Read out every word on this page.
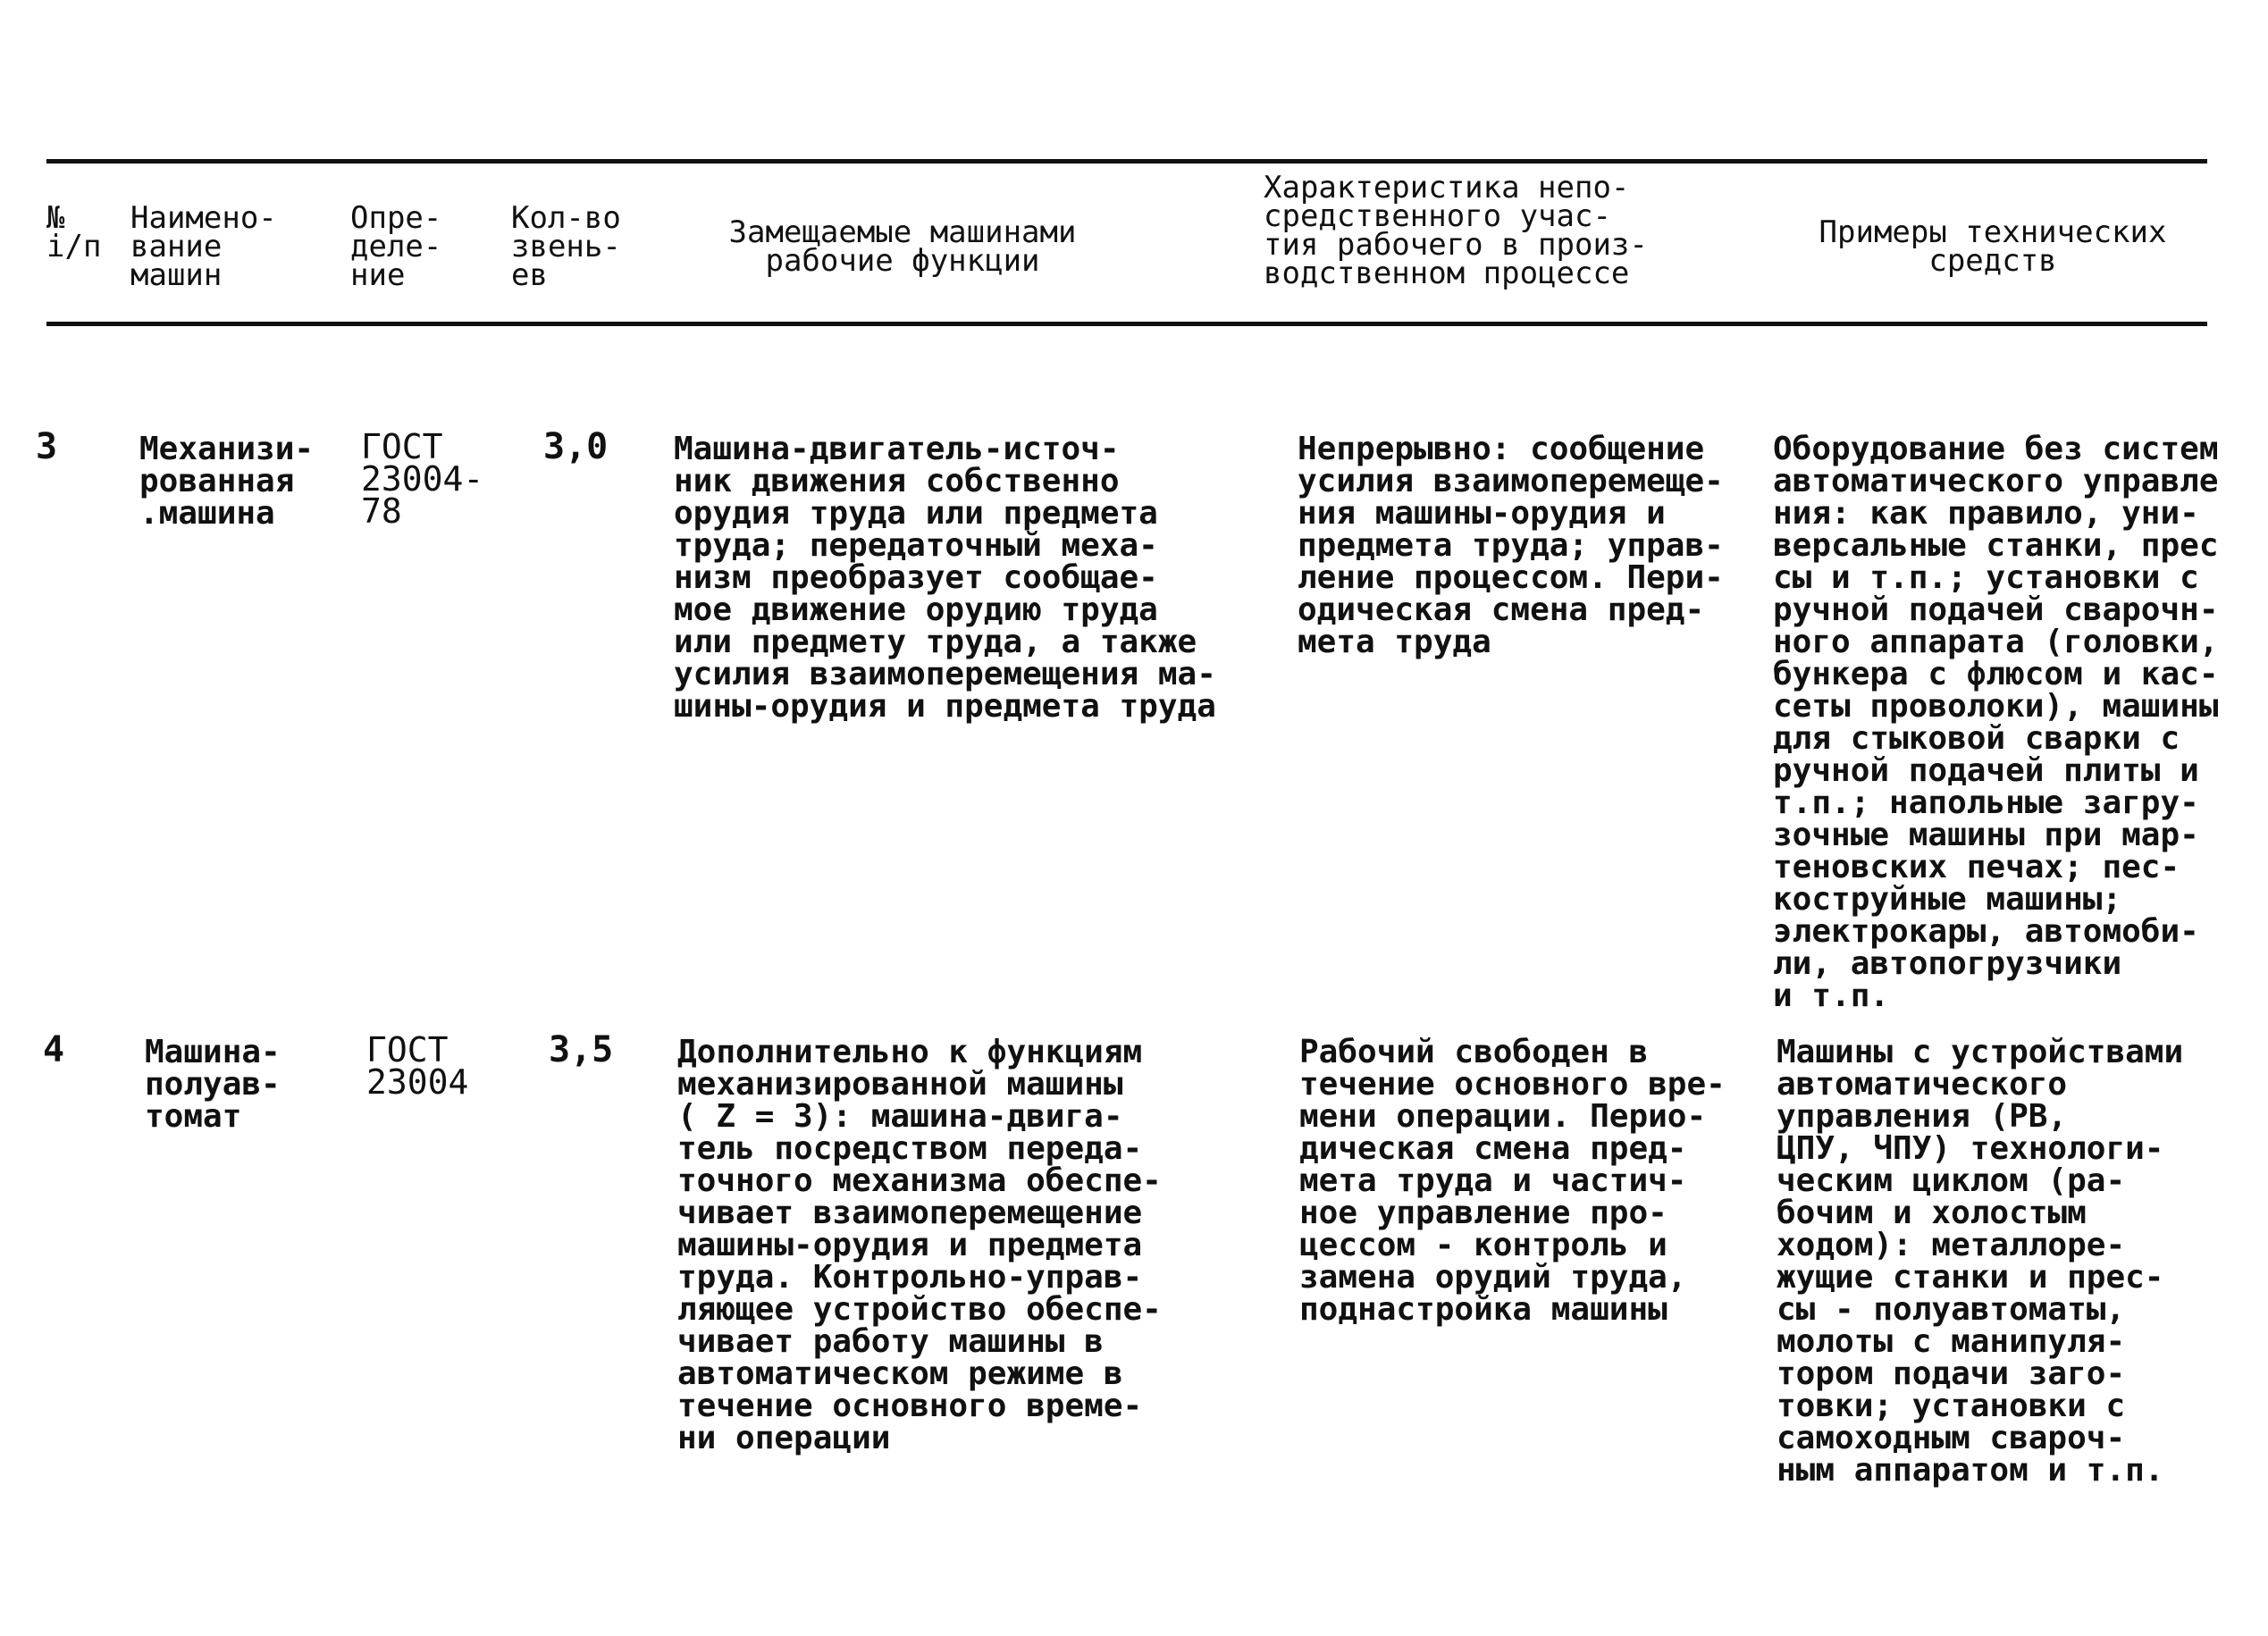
№
і/п
Наимено-
вание
машин
Опре-
деле-
ние
Кол-во
звень-
ев
Замещаемые машинами
рабочие функции
Характеристика непо-
средственного учас-
тия рабочего в произ-
водственном процессе
Примеры технических
средств
3	Механизи-
рованная
.машина
ГОСТ
23004-
78
3,0 Машина-двигатель-источ-
ник движения собственно
орудия труда или предмета
труда; передаточный меха-
низм преобразует сообщае-
мое движение орудию труда
или предмету труда, а также
усилия взаимоперемещения ма-
шины-орудия и предмета труда
Непрерывно: сообщение
усилия взаимоперемеще-
ния машины-орудия и
предмета труда; управ-
ление процессом. Пери-
одическая смена пред-
мета труда
Оборудование без систем
автоматического управле
ния: как правило, уни-
версальные станки, прес
сы и т.п.; установки с
ручной подачей сварочн-
ного аппарата (головки,
бункера с флюсом и кас-
сеты проволоки), машины
для стыковой сварки с
ручной подачей плиты и
т.п.; напольные загру-
зочные машины при мар-
теновских печах; пес-
коструйные машины;
электрокары, автомоби-
ли, автопогрузчики
и т.п.
4 Машина-
полуав-
томат
ГОСТ
23004
3,5 Дополнительно к функциям
механизированной машины
( Z = 3): машина-двига-
тель посредством переда-
точного механизма обеспе-
чивает взаимоперемещение
машины-орудия и предмета
труда. Контрольно-управ-
ляющее устройство обеспе-
чивает работу машины в
автоматическом режиме в
течение основного време-
ни операции
Рабочий свободен в
течение основного вре-
мени операции. Перио-
дическая смена пред-
мета труда и частич-
ное управление про-
цессом - контроль и
замена орудий труда,
поднастройка машины
Машины с устройствами
автоматического
управления (РВ,
ЦПУ, ЧПУ) технологи-
ческим циклом (ра-
бочим и холостым
ходом): металлоре-
жущие станки и прес-
сы - полуавтоматы,
молоты с манипуля-
тором подачи заго-
товки; установки с
самоходным свароч-
ным аппаратом и т.п.
